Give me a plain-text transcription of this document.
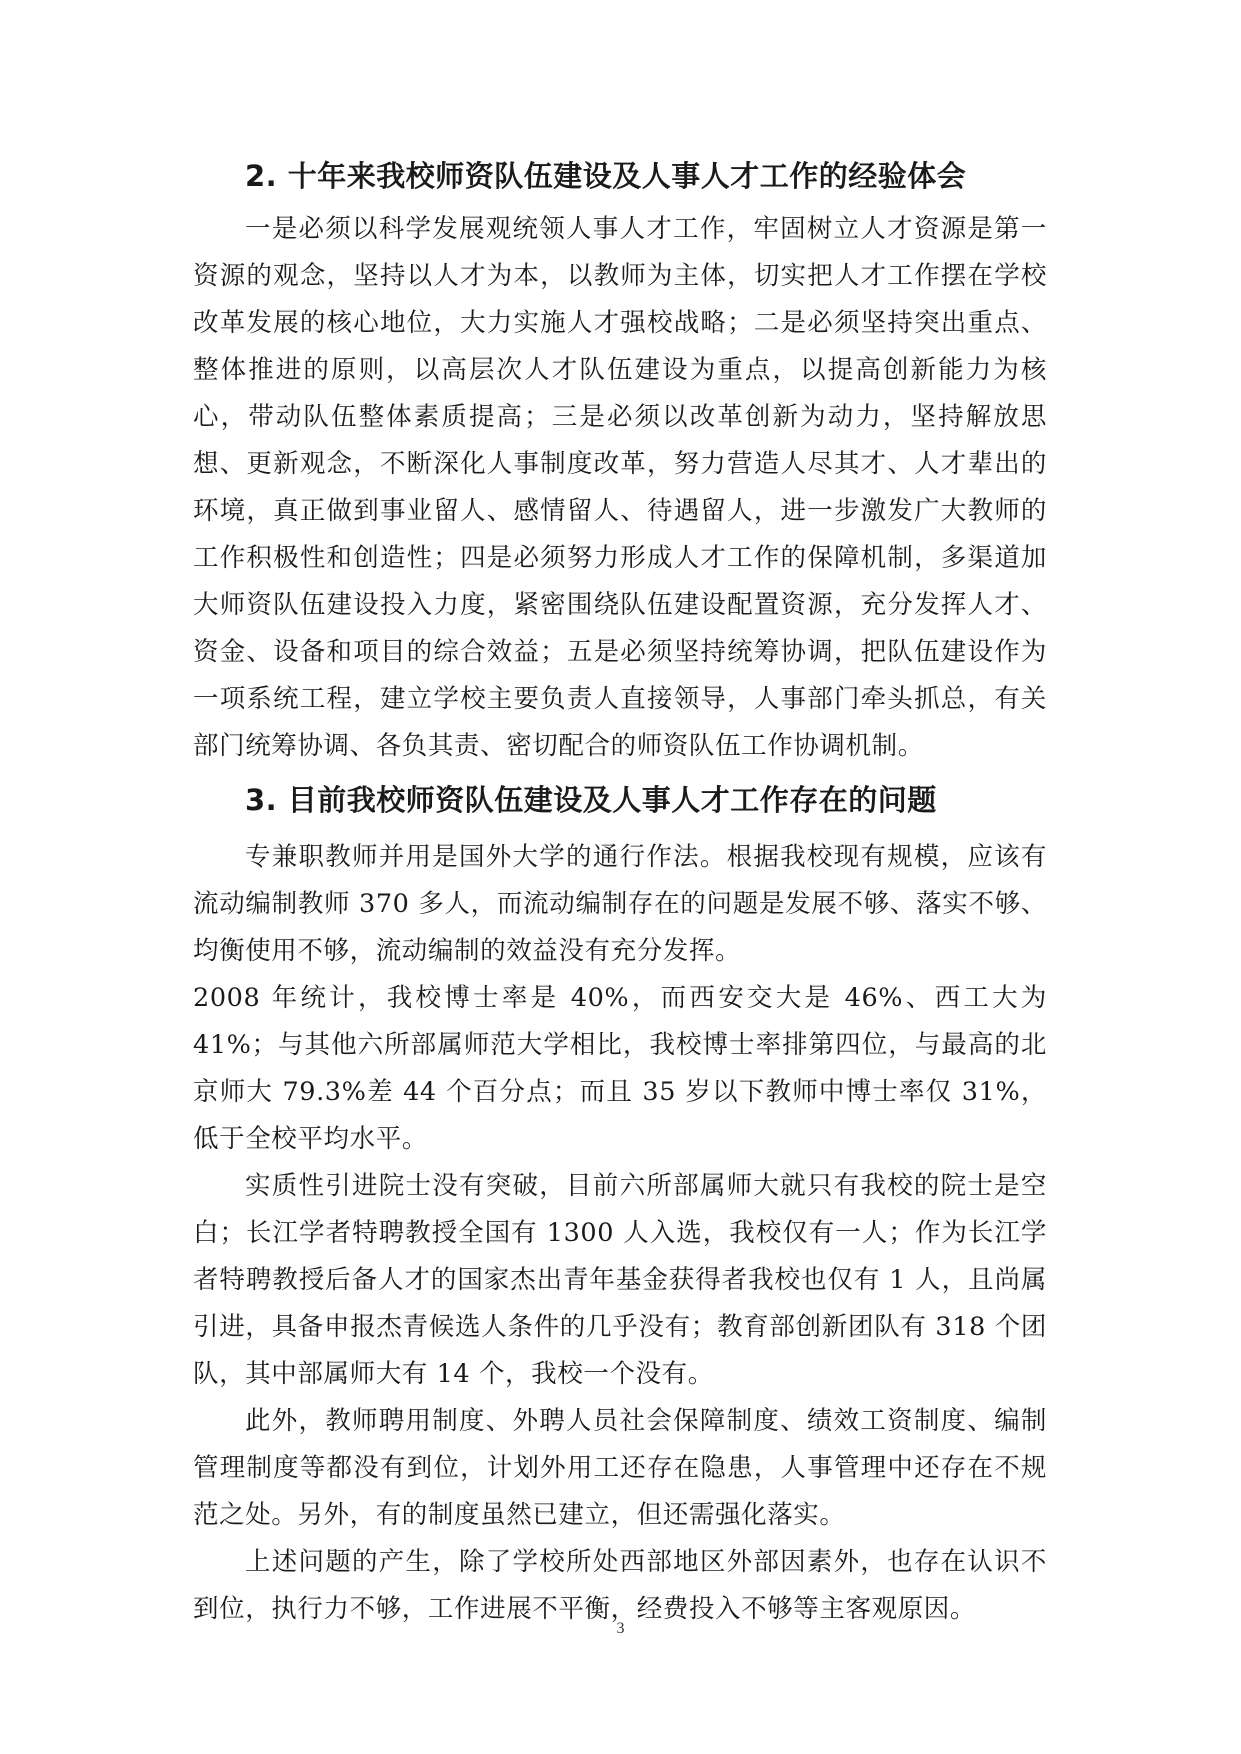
2. 十年来我校师资队伍建设及人事人才工作的经验体会

一是必须以科学发展观统领人事人才工作，牢固树立人才资源是第一资源的观念，坚持以人才为本，以教师为主体，切实把人才工作摆在学校改革发展的核心地位，大力实施人才强校战略；二是必须坚持突出重点、整体推进的原则，以高层次人才队伍建设为重点，以提高创新能力为核心，带动队伍整体素质提高；三是必须以改革创新为动力，坚持解放思想、更新观念，不断深化人事制度改革，努力营造人尽其才、人才辈出的环境，真正做到事业留人、感情留人、待遇留人，进一步激发广大教师的工作积极性和创造性；四是必须努力形成人才工作的保障机制，多渠道加大师资队伍建设投入力度，紧密围绕队伍建设配置资源，充分发挥人才、资金、设备和项目的综合效益；五是必须坚持统筹协调，把队伍建设作为一项系统工程，建立学校主要负责人直接领导，人事部门牵头抓总，有关部门统筹协调、各负其责、密切配合的师资队伍工作协调机制。

3. 目前我校师资队伍建设及人事人才工作存在的问题

专兼职教师并用是国外大学的通行作法。根据我校现有规模，应该有流动编制教师 370 多人，而流动编制存在的问题是发展不够、落实不够、均衡使用不够，流动编制的效益没有充分发挥。

2008 年统计，我校博士率是 40%，而西安交大是 46%、西工大为 41%；与其他六所部属师范大学相比，我校博士率排第四位，与最高的北京师大 79.3%差 44 个百分点；而且 35 岁以下教师中博士率仅 31%，低于全校平均水平。

实质性引进院士没有突破，目前六所部属师大就只有我校的院士是空白；长江学者特聘教授全国有 1300 人入选，我校仅有一人；作为长江学者特聘教授后备人才的国家杰出青年基金获得者我校也仅有 1 人，且尚属引进，具备申报杰青候选人条件的几乎没有；教育部创新团队有 318 个团队，其中部属师大有 14 个，我校一个没有。

此外，教师聘用制度、外聘人员社会保障制度、绩效工资制度、编制管理制度等都没有到位，计划外用工还存在隐患，人事管理中还存在不规范之处。另外，有的制度虽然已建立，但还需强化落实。

上述问题的产生，除了学校所处西部地区外部因素外，也存在认识不到位，执行力不够，工作进展不平衡，经费投入不够等主客观原因。

3
